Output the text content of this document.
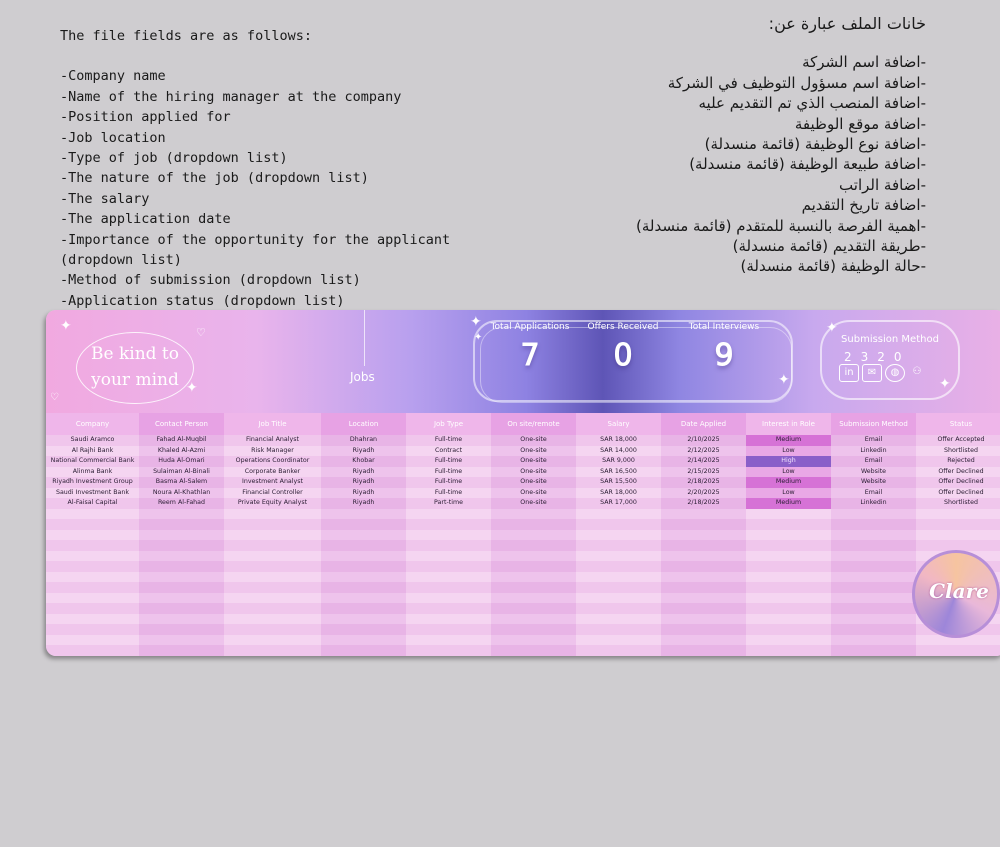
The file fields are as follows:
-Company name
-Name of the hiring manager at the company
-Position applied for
-Job location
-Type of job (dropdown list)
-The nature of the job (dropdown list)
-The salary
-The application date
-Importance of the opportunity for the applicant (dropdown list)
-Method of submission (dropdown list)
-Application status (dropdown list)
خانات الملف عبارة عن:
-اضافة اسم الشركة
-اضافة اسم مسؤول التوظيف في الشركة
-اضافة المنصب الذي تم التقديم عليه
-اضافة موقع الوظيفة
-اضافة نوع الوظيفة (قائمة منسدلة)
-اضافة طبيعة الوظيفة (قائمة منسدلة)
-اضافة الراتب
-اضافة تاريخ التقديم
-اهمية الفرصة بالنسبة للمتقدم (قائمة منسدلة)
-طريقة التقديم (قائمة منسدلة)
-حالة الوظيفة (قائمة منسدلة)
✦	♡
♡
✦
Be kind to
your mind	Jobs
✦
✦
✦
Total Applications
7
Offers Received
0
Total Interviews
9	Submission Method
2320
in	✉	◍	⚇
✦
✦
Company	Contact Person	Job Title	Location	Job Type	On site/remote	Salary	Date Applied	Interest in Role	Submission Method	Status
Saudi Aramco	Fahad Al-Muqbil	Financial Analyst	Dhahran	Full-time	One-site	SAR 18,000	2/10/2025	Medium	Email	Offer Accepted
Al Rajhi Bank	Khaled Al-Azmi	Risk Manager	Riyadh	Contract	One-site	SAR 14,000	2/12/2025	Low	Linkedin	Shortlisted
National Commercial Bank	Huda Al-Omari	Operations Coordinator	Khobar	Full-time	One-site	SAR 9,000	2/14/2025	High	Email	Rejected
Alinma Bank	Sulaiman Al-Binali	Corporate Banker	Riyadh	Full-time	One-site	SAR 16,500	2/15/2025	Low	Website	Offer Declined
Riyadh Investment Group	Basma Al-Salem	Investment Analyst	Riyadh	Full-time	One-site	SAR 15,500	2/18/2025	Medium	Website	Offer Declined
Saudi Investment Bank	Noura Al-Khathlan	Financial Controller	Riyadh	Full-time	One-site	SAR 18,000	2/20/2025	Low	Email	Offer Declined
Al-Faisal Capital	Reem Al-Fahad	Private Equity Analyst	Riyadh	Part-time	One-site	SAR 17,000	2/18/2025	Medium	Linkedin	Shortlisted

Clare
